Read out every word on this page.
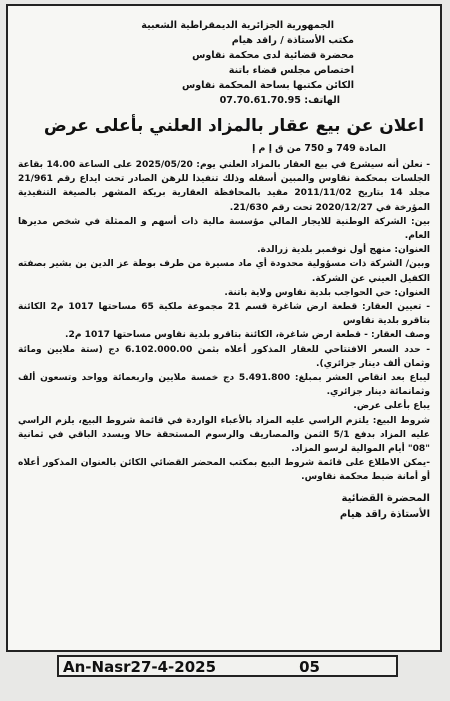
الجمهورية الجزائرية الديمقراطية الشعبية

مكتب الأستاذة / راقد هيام

محضرة قضائية لدى محكمة نقاوس

اختصاص مجلس قضاء باتنة

الكائن مكتبها بساحة المحكمة نقاوس

الهاتف: 07.70.61.70.95

اعلان عن بيع عقار بالمزاد العلني بأعلى عرض

المادة 749 و 750 من ق إ م إ

- نعلن أنه سيشرع في بيع العقار بالمزاد العلني يوم: 2025/05/20 على الساعة 14.00 بقاعة الجلسات بمحكمة نقاوس والمبين أسفله وذلك تنفيذا للرهن الصادر تحت ايداع رقم 21/961 مجلد 14 بتاريخ 2011/11/02 مقيد بالمحافظة العقارية بريكة المشهر بالصيغة التنفيذية المؤرخة في 2020/12/27 تحت رقم 21/630.

بين: الشركة الوطنية للايجار المالي مؤسسة مالية ذات أسهم و الممثلة في شخص مديرها العام.

العنوان: منهج أول نوفمبر بلدية زرالدة.

وبين/ الشركة ذات مسؤولية محدودة أي ماد مسيرة من طرف بوطة عز الدين بن بشير بصفته الكفيل العيني عن الشركة.

العنوان: حي الحواجب بلدية نقاوس ولاية باتنة.

- تعيين العقار: قطعة ارض شاغرة قسم 21 مجموعة ملكية 65 مساحتها 1017 م2 الكائنة بتاقرو بلدية نقاوس

وصف العقار: - قطعة ارض شاغرة، الكائنة بتاقرو بلدية نقاوس مساحتها 1017 م2.

- حدد السعر الافتتاحي للعقار المذكور أعلاه بثمن 6.102.000.00 دج (ستة ملايين ومائة وثمان ألف دينار جزائري).

ليباع بعد انقاص العشر بمبلغ: 5.491.800 دج خمسة ملايين واربعمائة وواحد وتسعون ألف وثمانمائة دينار جزائري.

يباع بأعلى عرض.

شروط البيع: يلتزم الراسي عليه المزاد بالأعباء الواردة في قائمة شروط البيع، يلزم الراسي عليه المزاد بدفع 5/1 الثمن والمصاريف والرسوم المستحقة حالا ويسدد الباقي في ثمانية "08" أيام الموالية لرسو المزاد.

-يمكن الاطلاع على قائمة شروط البيع بمكتب المحضر القضائي الكائن بالعنوان المذكور أعلاه أو أمانة ضبط محكمة نقاوس.

المحضرة القضائية

الأستاذة راقد هيام

An-Nasr27-4-2025	05
